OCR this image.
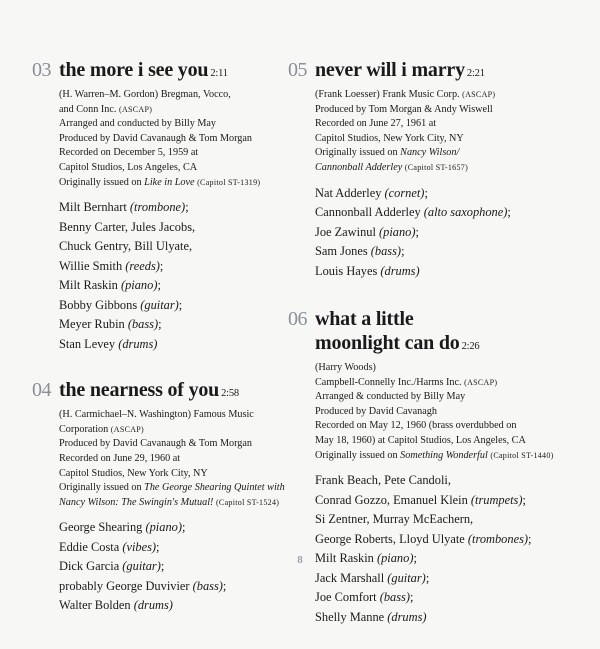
03 the more i see you 2:11
(H. Warren–M. Gordon) Bregman, Vocco,
and Conn Inc. (ASCAP)
Arranged and conducted by Billy May
Produced by David Cavanaugh & Tom Morgan
Recorded on December 5, 1959 at
Capitol Studios, Los Angeles, CA
Originally issued on Like in Love (Capitol ST-1319)
Milt Bernhart (trombone);
Benny Carter, Jules Jacobs,
Chuck Gentry, Bill Ulyate,
Willie Smith (reeds);
Milt Raskin (piano);
Bobby Gibbons (guitar);
Meyer Rubin (bass);
Stan Levey (drums)
04 the nearness of you 2:58
(H. Carmichael–N. Washington) Famous Music
Corporation (ASCAP)
Produced by David Cavanaugh & Tom Morgan
Recorded on June 29, 1960 at
Capitol Studios, New York City, NY
Originally issued on The George Shearing Quintet with
Nancy Wilson: The Swingin's Mutual! (Capitol ST-1524)
George Shearing (piano);
Eddie Costa (vibes);
Dick Garcia (guitar);
probably George Duvivier (bass);
Walter Bolden (drums)
05 never will i marry 2:21
(Frank Loesser) Frank Music Corp. (ASCAP)
Produced by Tom Morgan & Andy Wiswell
Recorded on June 27, 1961 at
Capitol Studios, New York City, NY
Originally issued on Nancy Wilson/
Cannonball Adderley (Capitol ST-1657)
Nat Adderley (cornet);
Cannonball Adderley (alto saxophone);
Joe Zawinul (piano);
Sam Jones (bass);
Louis Hayes (drums)
06 what a little
moonlight can do 2:26
(Harry Woods)
Campbell-Connelly Inc./Harms Inc. (ASCAP)
Arranged & conducted by Billy May
Produced by David Cavanagh
Recorded on May 12, 1960 (brass overdubbed on
May 18, 1960) at Capitol Studios, Los Angeles, CA
Originally issued on Something Wonderful (Capitol ST-1440)
Frank Beach, Pete Candoli,
Conrad Gozzo, Emanuel Klein (trumpets);
Si Zentner, Murray McEachern,
George Roberts, Lloyd Ulyate (trombones);
Milt Raskin (piano);
Jack Marshall (guitar);
Joe Comfort (bass);
Shelly Manne (drums)
8
